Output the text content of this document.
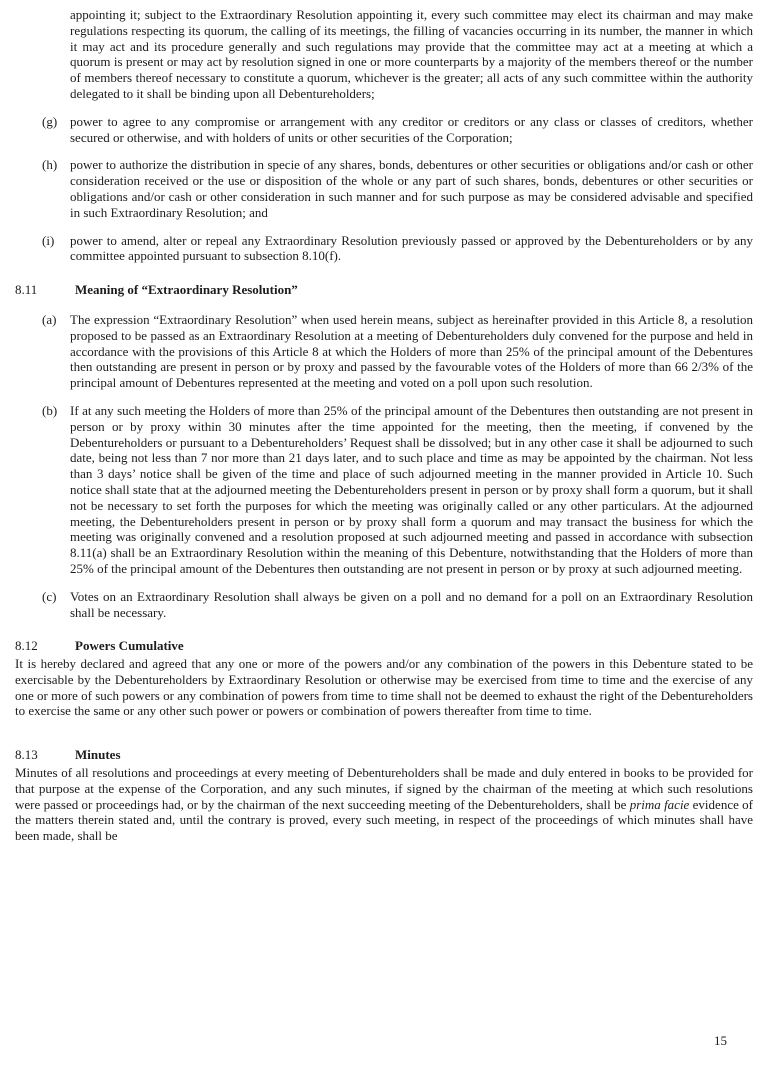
appointing it; subject to the Extraordinary Resolution appointing it, every such committee may elect its chairman and may make regulations respecting its quorum, the calling of its meetings, the filling of vacancies occurring in its number, the manner in which it may act and its procedure generally and such regulations may provide that the committee may act at a meeting at which a quorum is present or may act by resolution signed in one or more counterparts by a majority of the members thereof or the number of members thereof necessary to constitute a quorum, whichever is the greater; all acts of any such committee within the authority delegated to it shall be binding upon all Debentureholders;
(g) power to agree to any compromise or arrangement with any creditor or creditors or any class or classes of creditors, whether secured or otherwise, and with holders of units or other securities of the Corporation;
(h) power to authorize the distribution in specie of any shares, bonds, debentures or other securities or obligations and/or cash or other consideration received or the use or disposition of the whole or any part of such shares, bonds, debentures or other securities or obligations and/or cash or other consideration in such manner and for such purpose as may be considered advisable and specified in such Extraordinary Resolution; and
(i) power to amend, alter or repeal any Extraordinary Resolution previously passed or approved by the Debentureholders or by any committee appointed pursuant to subsection 8.10(f).
8.11	Meaning of “Extraordinary Resolution”
(a) The expression “Extraordinary Resolution” when used herein means, subject as hereinafter provided in this Article 8, a resolution proposed to be passed as an Extraordinary Resolution at a meeting of Debentureholders duly convened for the purpose and held in accordance with the provisions of this Article 8 at which the Holders of more than 25% of the principal amount of the Debentures then outstanding are present in person or by proxy and passed by the favourable votes of the Holders of more than 66 2/3% of the principal amount of Debentures represented at the meeting and voted on a poll upon such resolution.
(b) If at any such meeting the Holders of more than 25% of the principal amount of the Debentures then outstanding are not present in person or by proxy within 30 minutes after the time appointed for the meeting, then the meeting, if convened by the Debentureholders or pursuant to a Debentureholders’ Request shall be dissolved; but in any other case it shall be adjourned to such date, being not less than 7 nor more than 21 days later, and to such place and time as may be appointed by the chairman. Not less than 3 days’ notice shall be given of the time and place of such adjourned meeting in the manner provided in Article 10. Such notice shall state that at the adjourned meeting the Debentureholders present in person or by proxy shall form a quorum, but it shall not be necessary to set forth the purposes for which the meeting was originally called or any other particulars. At the adjourned meeting, the Debentureholders present in person or by proxy shall form a quorum and may transact the business for which the meeting was originally convened and a resolution proposed at such adjourned meeting and passed in accordance with subsection 8.11(a) shall be an Extraordinary Resolution within the meaning of this Debenture, notwithstanding that the Holders of more than 25% of the principal amount of the Debentures then outstanding are not present in person or by proxy at such adjourned meeting.
(c) Votes on an Extraordinary Resolution shall always be given on a poll and no demand for a poll on an Extraordinary Resolution shall be necessary.
8.12	Powers Cumulative
It is hereby declared and agreed that any one or more of the powers and/or any combination of the powers in this Debenture stated to be exercisable by the Debentureholders by Extraordinary Resolution or otherwise may be exercised from time to time and the exercise of any one or more of such powers or any combination of powers from time to time shall not be deemed to exhaust the right of the Debentureholders to exercise the same or any other such power or powers or combination of powers thereafter from time to time.
8.13	Minutes
Minutes of all resolutions and proceedings at every meeting of Debentureholders shall be made and duly entered in books to be provided for that purpose at the expense of the Corporation, and any such minutes, if signed by the chairman of the meeting at which such resolutions were passed or proceedings had, or by the chairman of the next succeeding meeting of the Debentureholders, shall be prima facie evidence of the matters therein stated and, until the contrary is proved, every such meeting, in respect of the proceedings of which minutes shall have been made, shall be
15
